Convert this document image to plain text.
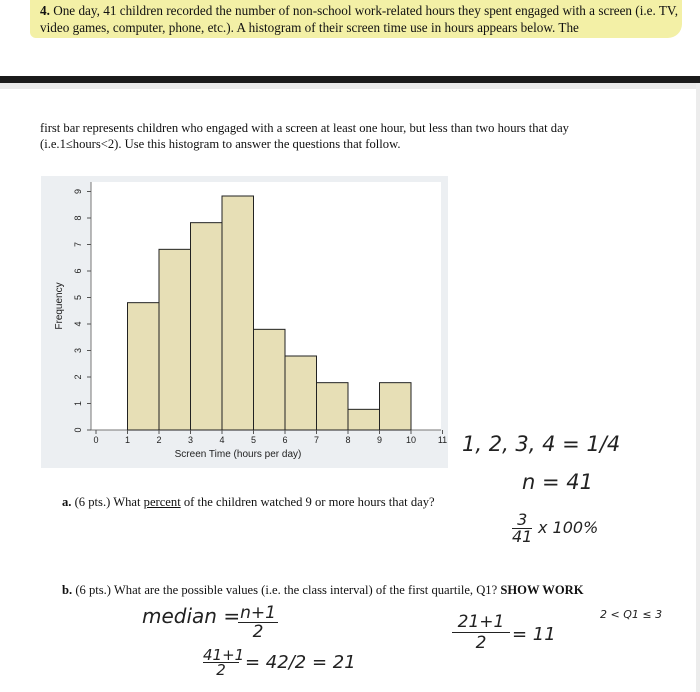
4. One day, 41 children recorded the number of non-school work-related hours they spent engaged with a screen (i.e. TV, video games, computer, phone, etc.). A histogram of their screen time use in hours appears below. The
first bar represents children who engaged with a screen at least one hour, but less than two hours that day
(i.e.1≤hours<2). Use this histogram to answer the questions that follow.
0	1	2	3	4	5	6	7	8	9	10 11
0
1
2
3
4
5
6
7
8
9
Screen Time (hours per day)
Frequency
1, 2, 3, 4 = 1/4
n = 41
a. (6 pts.) What percent of the children watched 9 or more hours that day?
3
41 x 100%
b. (6 pts.) What are the possible values (i.e. the class interval) of the first quartile, Q1? SHOW WORK
median = n+1
2
41+1
2	= 42/2 = 21
21+1
2	= 11
2 < Q1 ≤ 3
